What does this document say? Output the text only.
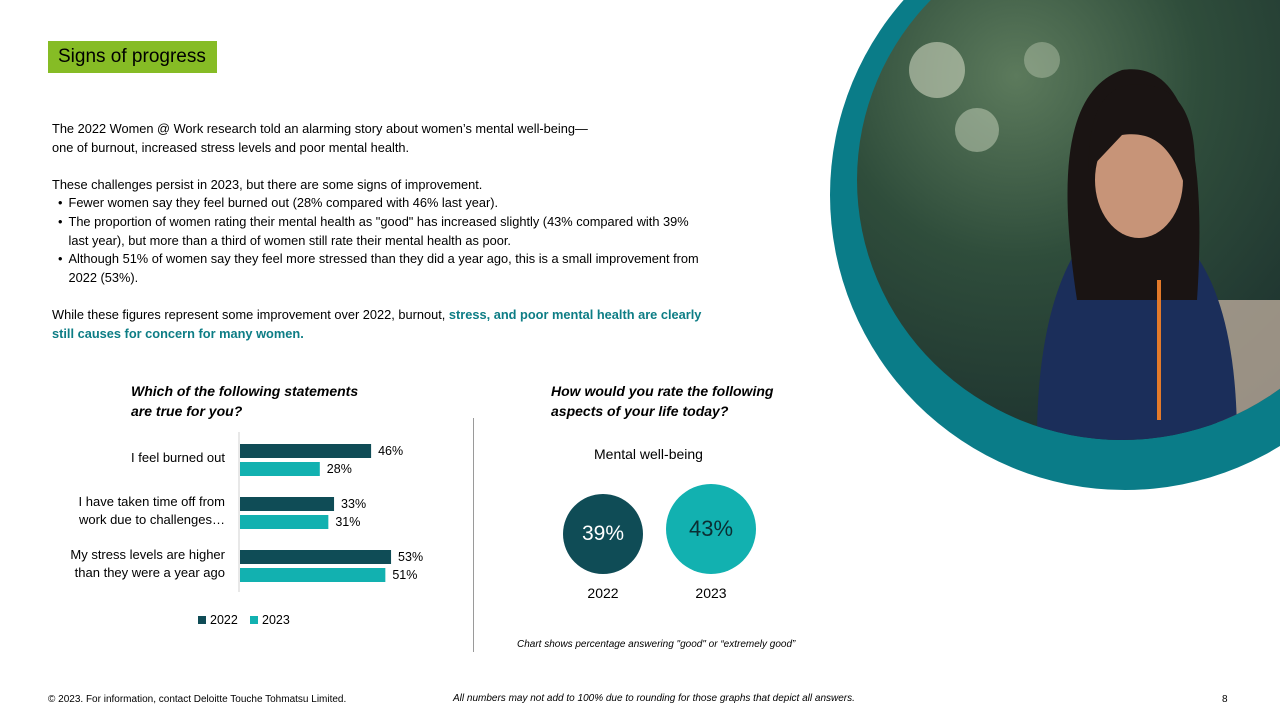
Signs of progress

The 2022 Women @ Work research told an alarming story about women’s mental well-being—
one of burnout, increased stress levels and poor mental health.

These challenges persist in 2023, but there are some signs of improvement.

• Fewer women say they feel burned out (28% compared with 46% last year).
• The proportion of women rating their mental health as "good" has increased slightly (43% compared with 39% last year), but more than a third of women still rate their mental health as poor.
• Although 51% of women say they feel more stressed than they did a year ago, this is a small improvement from 2022 (53%).

While these figures represent some improvement over 2022, burnout, stress, and poor mental health are clearly still causes for concern for many women.

Which of the following statements
are true for you?
How would you rate the following
aspects of your life today?
I feel burned out
I have taken time off from
work due to challenges…
My stress levels are higher
than they were a year ago
46%
28%
33%
31%
53%
51%
2022	2023
Mental well-being
39%
2022
43%
2023
Chart shows percentage answering "good" or “extremely good”
© 2023. For information, contact Deloitte Touche Tohmatsu Limited.	All numbers may not add to 100% due to rounding for those graphs that depict all answers.	8
